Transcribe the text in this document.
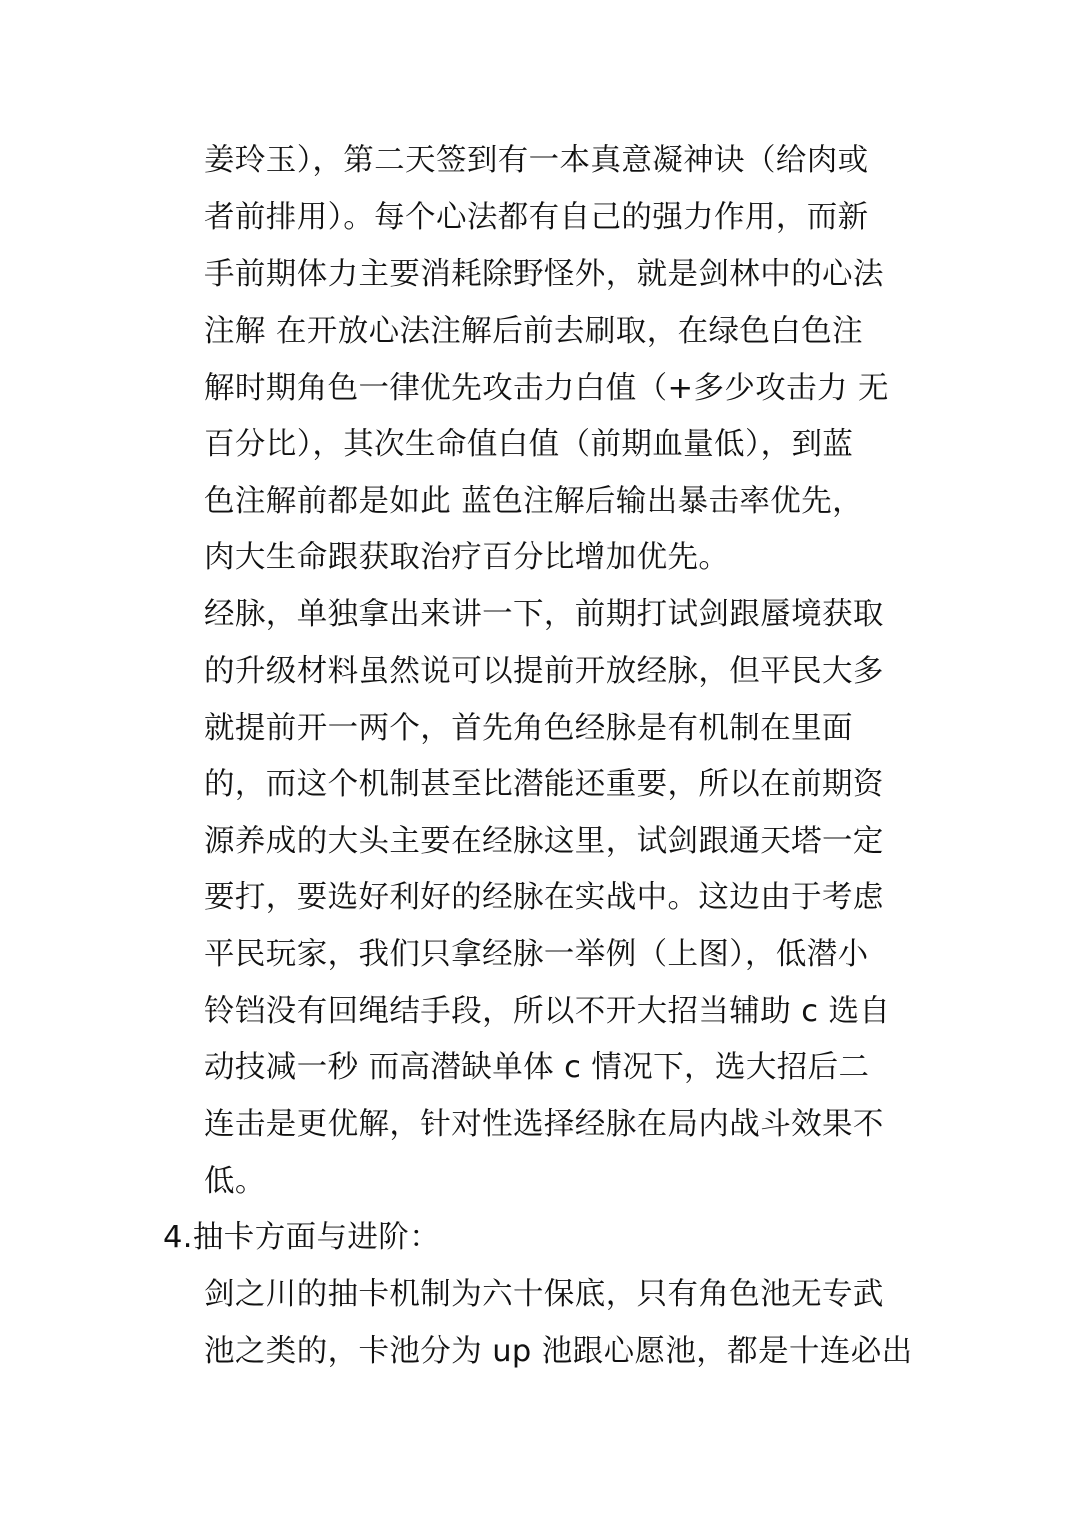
姜玲玉），第二天签到有一本真意凝神诀（给肉或
者前排用）。每个心法都有自己的强力作用，而新
手前期体力主要消耗除野怪外，就是剑林中的心法
注解 在开放心法注解后前去刷取，在绿色白色注
解时期角色一律优先攻击力白值（+多少攻击力 无
百分比），其次生命值白值（前期血量低），到蓝
色注解前都是如此 蓝色注解后输出暴击率优先，
肉大生命跟获取治疗百分比增加优先。
经脉，单独拿出来讲一下，前期打试剑跟蜃境获取
的升级材料虽然说可以提前开放经脉，但平民大多
就提前开一两个，首先角色经脉是有机制在里面
的，而这个机制甚至比潜能还重要，所以在前期资
源养成的大头主要在经脉这里，试剑跟通天塔一定
要打，要选好利好的经脉在实战中。这边由于考虑
平民玩家，我们只拿经脉一举例（上图），低潜小
铃铛没有回绳结手段，所以不开大招当辅助 c 选自
动技减一秒 而高潜缺单体 c 情况下，选大招后二
连击是更优解，针对性选择经脉在局内战斗效果不
低。
4.抽卡方面与进阶：
剑之川的抽卡机制为六十保底，只有角色池无专武
池之类的，卡池分为 up 池跟心愿池，都是十连必出
